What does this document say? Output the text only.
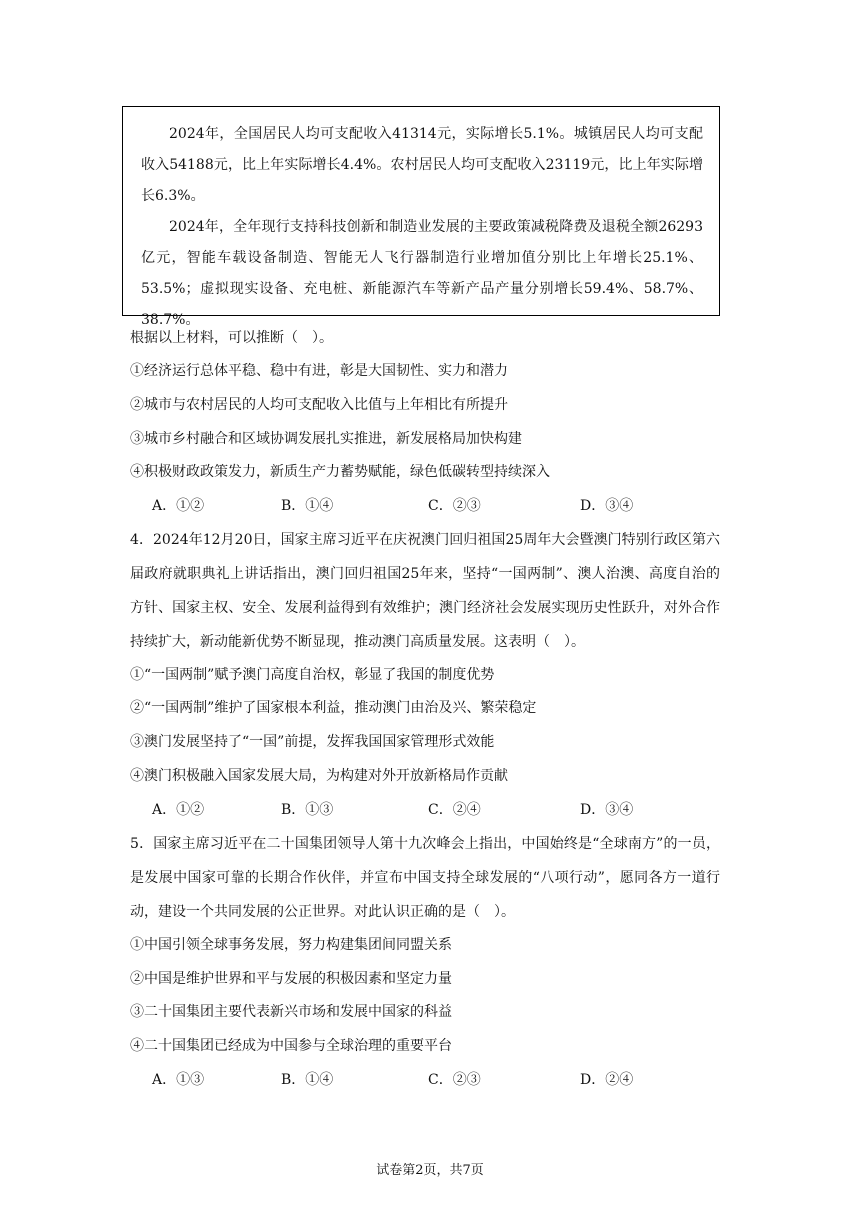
2024年，全国居民人均可支配收入41314元，实际增长5.1%。城镇居民人均可支配收入54188元，比上年实际增长4.4%。农村居民人均可支配收入23119元，比上年实际增长6.3%。

2024年，全年现行支持科技创新和制造业发展的主要政策减税降费及退税全额26293亿元，智能车载设备制造、智能无人飞行器制造行业增加值分别比上年增长25.1%、53.5%；虚拟现实设备、充电桩、新能源汽车等新产品产量分别增长59.4%、58.7%、38.7%。

根据以上材料，可以推断（　）。
①经济运行总体平稳、稳中有进，彰是大国韧性、实力和潜力
②城市与农村居民的人均可支配收入比值与上年相比有所提升
③城市乡村融合和区域协调发展扎实推进，新发展格局加快构建
④积极财政政策发力，新质生产力蓄势赋能，绿色低碳转型持续深入
A．①②	B．①④	C．②③	D．③④

4．2024年12月20日，国家主席习近平在庆祝澳门回归祖国25周年大会暨澳门特别行政区第六届政府就职典礼上讲话指出，澳门回归祖国25年来，坚持“一国两制”、澳人治澳、高度自治的方针、国家主权、安全、发展利益得到有效维护；澳门经济社会发展实现历史性跃升，对外合作持续扩大，新动能新优势不断显现，推动澳门高质量发展。这表明（　）。

①“一国两制”赋予澳门高度自治权，彰显了我国的制度优势
②“一国两制”维护了国家根本利益，推动澳门由治及兴、繁荣稳定
③澳门发展坚持了“一国”前提，发挥我国国家管理形式效能
④澳门积极融入国家发展大局，为构建对外开放新格局作贡献
A．①②	B．①③	C．②④	D．③④

5．国家主席习近平在二十国集团领导人第十九次峰会上指出，中国始终是“全球南方”的一员，是发展中国家可靠的长期合作伙伴，并宣布中国支持全球发展的“八项行动”，愿同各方一道行动，建设一个共同发展的公正世界。对此认识正确的是（　）。

①中国引领全球事务发展，努力构建集团间同盟关系
②中国是维护世界和平与发展的积极因素和坚定力量
③二十国集团主要代表新兴市场和发展中国家的科益
④二十国集团已经成为中国参与全球治理的重要平台
A．①③	B．①④	C．②③	D．②④
试卷第2页，共7页
